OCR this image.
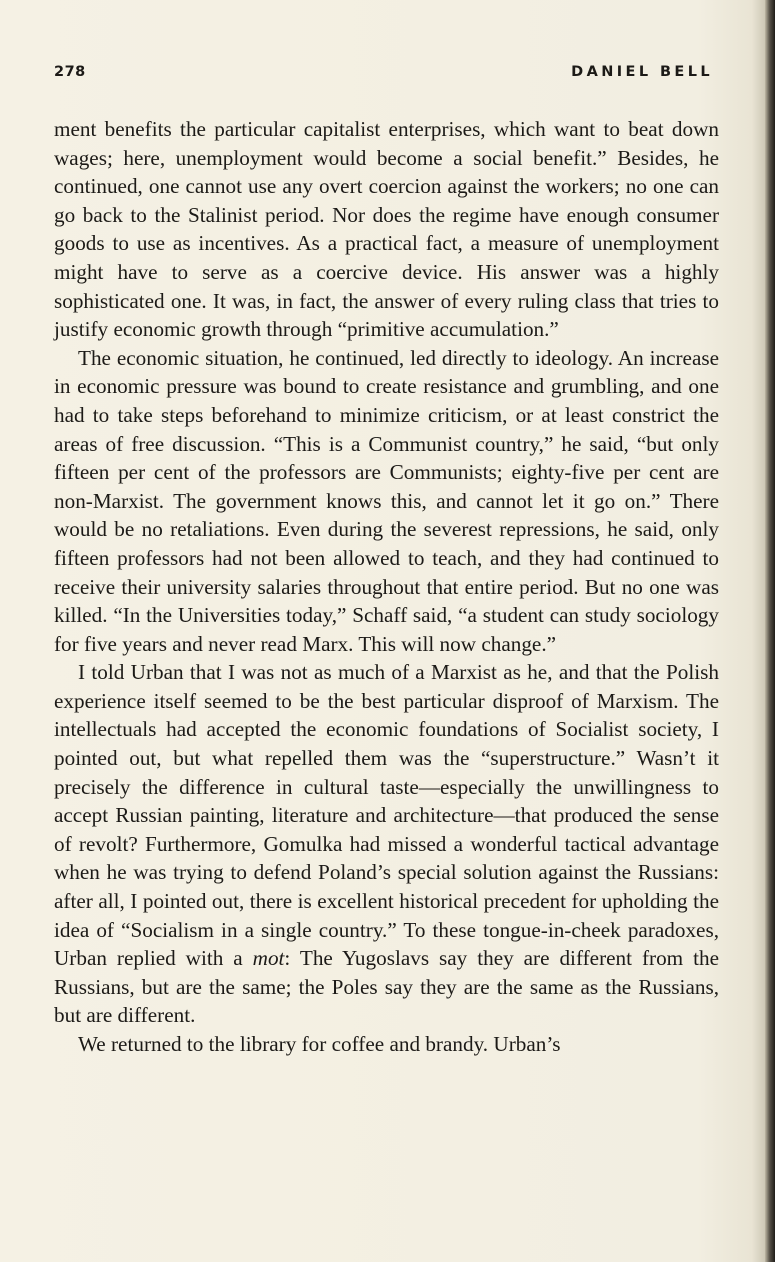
278	DANIEL BELL

ment benefits the particular capitalist enterprises, which want to beat down wages; here, unemployment would become a social benefit.” Besides, he continued, one cannot use any overt coercion against the workers; no one can go back to the Stalinist period. Nor does the regime have enough consumer goods to use as incentives. As a practical fact, a measure of unemployment might have to serve as a coercive device. His answer was a highly sophisticated one. It was, in fact, the answer of every ruling class that tries to justify economic growth through “primitive accumulation.”

The economic situation, he continued, led directly to ideology. An increase in economic pressure was bound to create resistance and grumbling, and one had to take steps beforehand to minimize criticism, or at least constrict the areas of free discussion. “This is a Communist country,” he said, “but only fifteen per cent of the professors are Communists; eighty-five per cent are non-Marxist. The government knows this, and cannot let it go on.” There would be no retaliations. Even during the severest repressions, he said, only fifteen professors had not been allowed to teach, and they had continued to receive their university salaries throughout that entire period. But no one was killed. “In the Universities today,” Schaff said, “a student can study sociology for five years and never read Marx. This will now change.”

I told Urban that I was not as much of a Marxist as he, and that the Polish experience itself seemed to be the best particular disproof of Marxism. The intellectuals had accepted the economic foundations of Socialist society, I pointed out, but what repelled them was the “superstructure.” Wasn’t it precisely the difference in cultural taste—especially the unwillingness to accept Russian painting, literature and architecture—that produced the sense of revolt? Furthermore, Gomulka had missed a wonderful tactical advantage when he was trying to defend Poland’s special solution against the Russians: after all, I pointed out, there is excellent historical precedent for upholding the idea of “Socialism in a single country.” To these tongue-in-cheek paradoxes, Urban replied with a mot: The Yugoslavs say they are different from the Russians, but are the same; the Poles say they are the same as the Russians, but are different.

We returned to the library for coffee and brandy. Urban’s
